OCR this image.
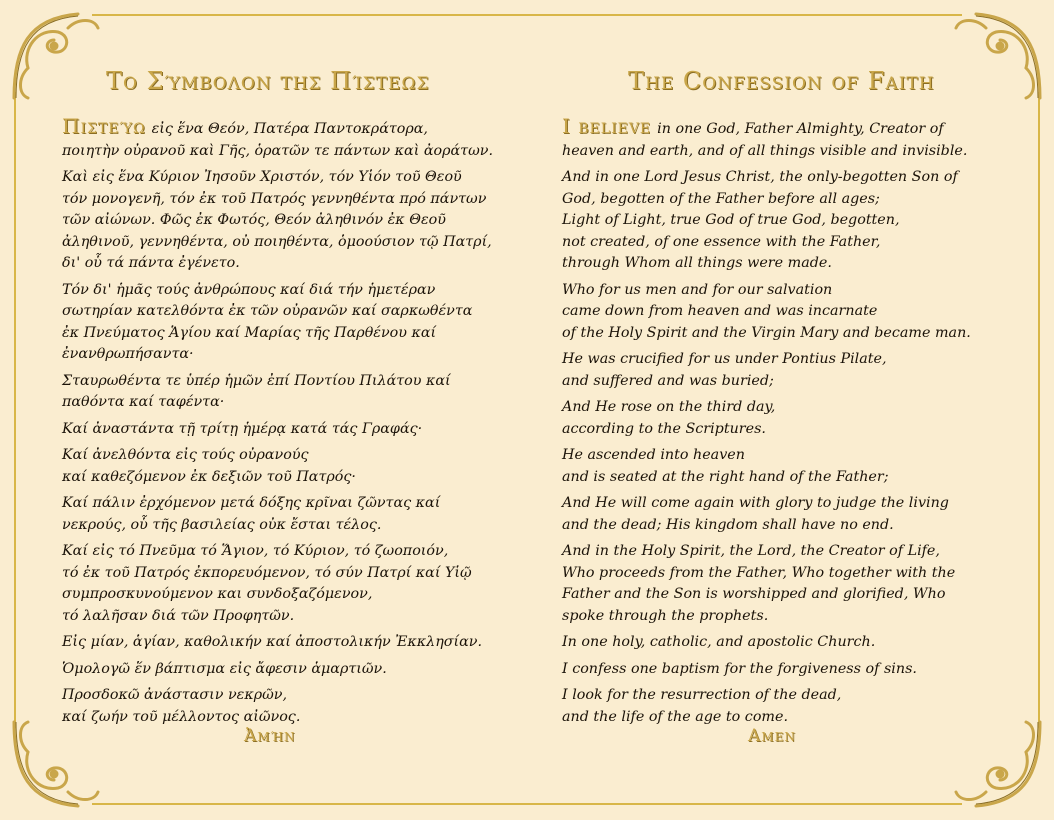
Το Σύμβολον της Πίστεως
Πιστεύω εἰς ἕνα Θεόν, Πατέρα Παντοκράτορα,
ποιητὴν οὐρανοῦ καὶ Γῆς, ὁρατῶν τε πάντων καὶ ἀοράτων.
Καὶ εἰς ἕνα Κύριον Ἰησοῦν Χριστόν, τόν Υἱόν τοῦ Θεοῦ
τόν μονογενῆ, τόν ἐκ τοῦ Πατρός γεννηθέντα πρό πάντων
τῶν αἰώνων. Φῶς ἐκ Φωτός, Θεόν ἀληθινόν ἐκ Θεοῦ
ἀληθινοῦ, γεννηθέντα, οὐ ποιηθέντα, ὁμοούσιον τῷ Πατρί,
δι' οὗ τά πάντα ἐγένετο.
Τόν δι' ἡμᾶς τούς ἀνθρώπους καί διά τήν ἡμετέραν
σωτηρίαν κατελθόντα ἐκ τῶν οὐρανῶν καί σαρκωθέντα
ἐκ Πνεύματος Ἁγίου καί Μαρίας τῆς Παρθένου καί
ἐνανθρωπήσαντα·
Σταυρωθέντα τε ὑπέρ ἡμῶν ἐπί Ποντίου Πιλάτου καί
παθόντα καί ταφέντα·
Καί ἀναστάντα τῇ τρίτῃ ἡμέρᾳ κατά τάς Γραφάς·
Καί ἀνελθόντα εἰς τούς οὐρανούς
καί καθεζόμενον ἐκ δεξιῶν τοῦ Πατρός·
Καί πάλιν ἐρχόμενον μετά δόξης κρῖναι ζῶντας καί
νεκρούς, οὗ τῆς βασιλείας οὐκ ἔσται τέλος.
Καί εἰς τό Πνεῦμα τό Ἅγιον, τό Κύριον, τό ζωοποιόν,
τό ἐκ τοῦ Πατρός ἐκπορευόμενον, τό σύν Πατρί καί Υἱῷ
συμπροσκυνούμενον και συνδοξαζόμενον,
τό λαλῆσαν διά τῶν Προφητῶν.
Εἰς μίαν, ἁγίαν, καθολικήν καί ἀποστολικήν Ἐκκλησίαν.
Ὁμολογῶ ἕν βάπτισμα εἰς ἄφεσιν ἁμαρτιῶν.
Προσδοκῶ ἀνάστασιν νεκρῶν,
καί ζωήν τοῦ μέλλοντος αἰῶνος.
The Confession of Faith
I believe in one God, Father Almighty, Creator of
heaven and earth, and of all things visible and invisible.
And in one Lord Jesus Christ, the only-begotten Son of
God, begotten of the Father before all ages;
Light of Light, true God of true God, begotten,
not created, of one essence with the Father,
through Whom all things were made.
Who for us men and for our salvation
came down from heaven and was incarnate
of the Holy Spirit and the Virgin Mary and became man.
He was crucified for us under Pontius Pilate,
and suffered and was buried;
And He rose on the third day,
according to the Scriptures.
He ascended into heaven
and is seated at the right hand of the Father;
And He will come again with glory to judge the living
and the dead; His kingdom shall have no end.
And in the Holy Spirit, the Lord, the Creator of Life,
Who proceeds from the Father, Who together with the
Father and the Son is worshipped and glorified, Who
spoke through the prophets.
In one holy, catholic, and apostolic Church.
I confess one baptism for the forgiveness of sins.
I look for the resurrection of the dead,
and the life of the age to come.
Ἀμήν	Amen
